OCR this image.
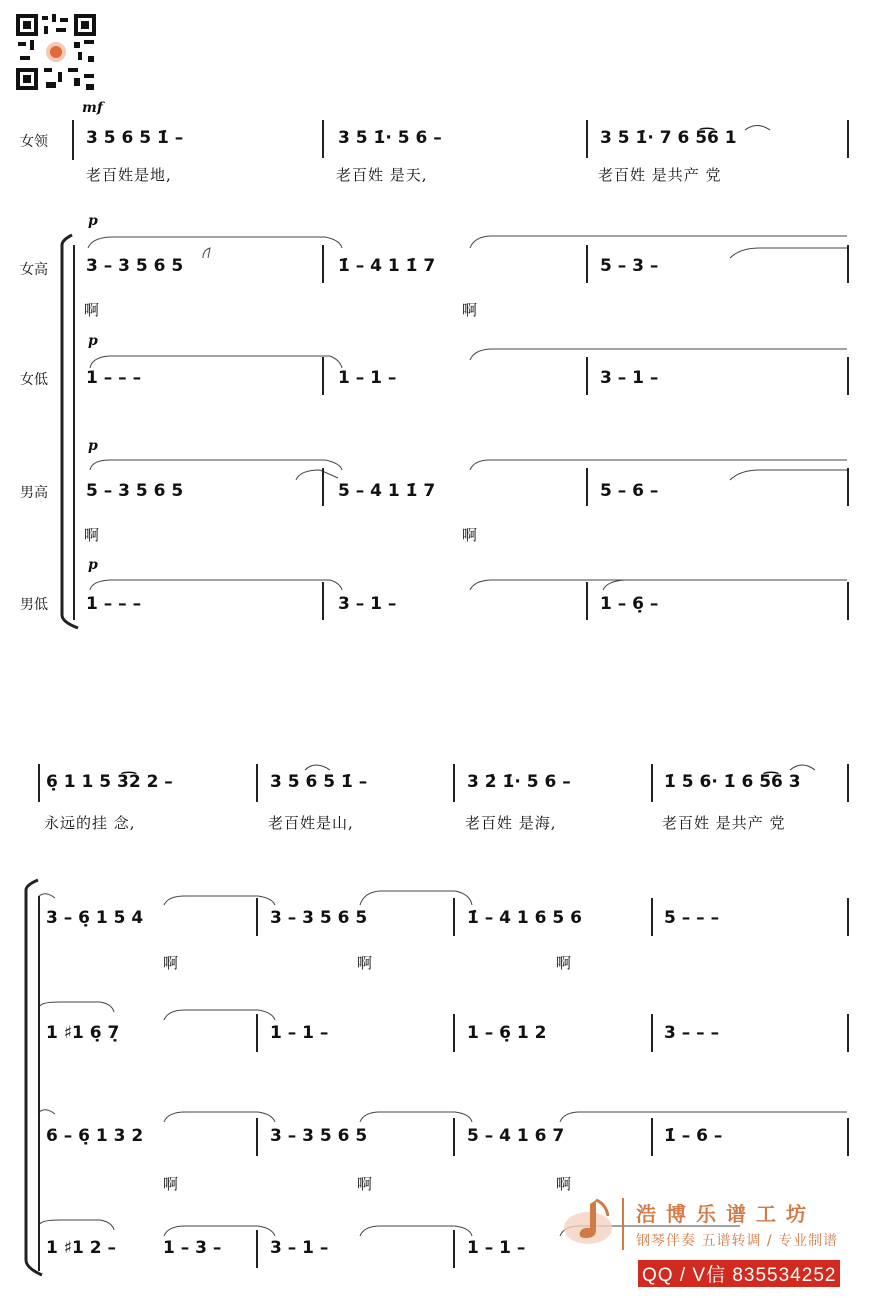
女领
女高
女低
男高
男低
mf
p
p
p
p
3 5 6 5 1̇ –	3 5 1̇· 5 6 –	3 5 1̇· 7 6 5͡6 1
老百姓是地,	老百姓 是天,	老百姓 是共产 党
3 – 3 5 6 5	1̇ – 4 1 1̇ 7	5 – 3 –
啊	啊
1 – – –	1 – 1 –	3 – 1 –
5 – 3 5 6 5	5 – 4 1 1̇ 7	5 – 6 –
啊	啊
1 – – –	3 – 1 –	1 – 6̣ –
6̣ 1 1 5 3͡2 2 –	3 5 6 5 1̇ –	3 2̇ 1̇· 5 6 –	1̇ 5 6· 1̇ 6 5͡6 3
永远的挂 念,	老百姓是山,	老百姓 是海,	老百姓 是共产 党
3 – 6̣ 1 5 4	3 – 3 5 6 5	1̇ – 4 1 6 5 6	5 – – –
啊	啊	啊
1 ♯1 6̣ 7̣	1 – 1 –	1 – 6̣ 1 2	3 – – –
6 – 6̣ 1 3 2	3 – 3 5 6 5	5 – 4 1 6 7	1̇ – 6 –
啊	啊	啊
1 ♯1 2 –	1 – 3 –	3 – 1 –	1 – 1 –
浩博乐谱工坊
钢琴伴奏 五谱转调 / 专业制谱
QQ / V信 835534252
